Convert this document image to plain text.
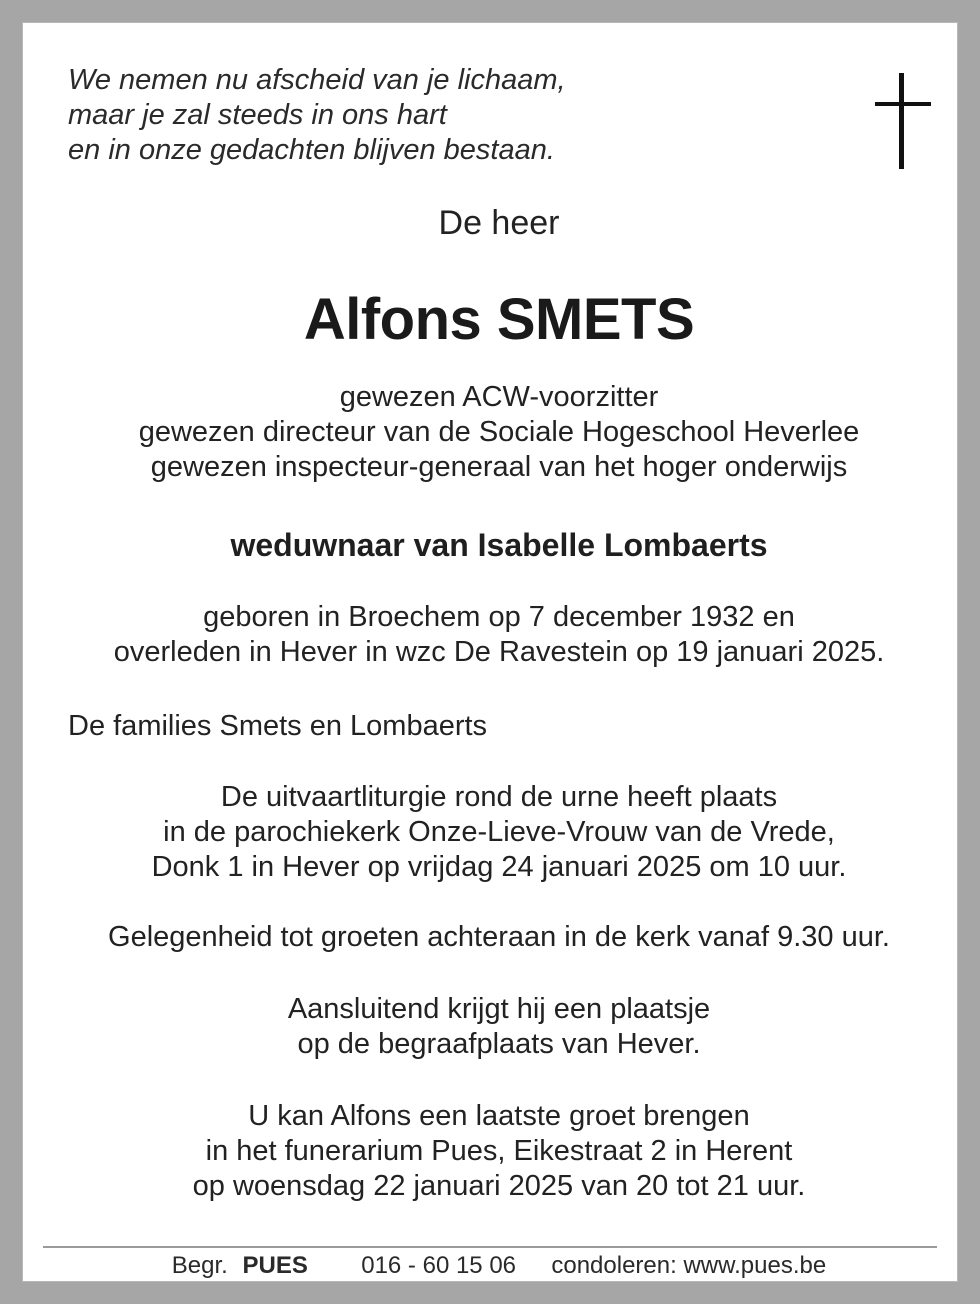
We nemen nu afscheid van je lichaam,
maar je zal steeds in ons hart
en in onze gedachten blijven bestaan.
De heer
Alfons SMETS
gewezen ACW-voorzitter
gewezen directeur van de Sociale Hogeschool Heverlee
gewezen inspecteur-generaal van het hoger onderwijs
weduwnaar van Isabelle Lombaerts
geboren in Broechem op 7 december 1932 en
overleden in Hever in wzc De Ravestein op 19 januari 2025.
De families Smets en Lombaerts
De uitvaartliturgie rond de urne heeft plaats
in de parochiekerk Onze-Lieve-Vrouw van de Vrede,
Donk 1 in Hever op vrijdag 24 januari 2025 om 10 uur.
Gelegenheid tot groeten achteraan in de kerk vanaf 9.30 uur.
Aansluitend krijgt hij een plaatsje
op de begraafplaats van Hever.
U kan Alfons een laatste groet brengen
in het funerarium Pues, Eikestraat 2 in Herent
op woensdag 22 januari 2025 van 20 tot 21 uur.
Begr. PUES 016 - 60 15 06 condoleren: www.pues.be
